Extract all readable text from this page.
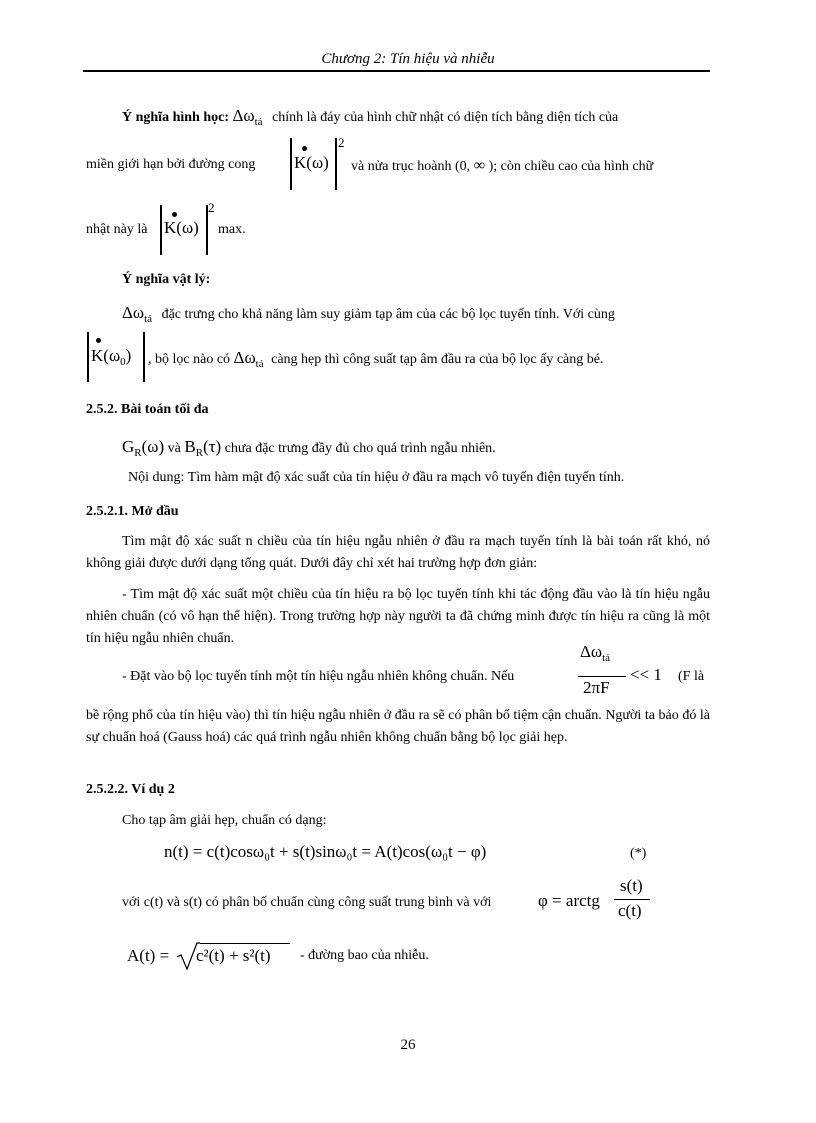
Chương 2: Tín hiệu và nhiễu
Ý nghĩa hình học: $\Delta\omega_{tả}$ chính là đáy của hình chữ nhật có diện tích bằng diện tích của
miền giới hạn bởi đường cong K(ω)
2
và nửa trục hoành (0, ∞ ); còn chiều cao của hình chữ
nhật này là K(ω)
2
max.
Ý nghĩa vật lý:
$\Delta\omega_{tả}$ đặc trưng cho khả năng làm suy giảm tạp âm của các bộ lọc tuyến tính. Với cùng
$K(\omega_0)$ , bộ lọc nào có $\Delta\omega_{tả}$ càng hẹp thì công suất tạp âm đầu ra của bộ lọc ấy càng bé.
2.5.2. Bài toán tối đa
$G_R(\omega)$ và $B_R(\tau)$ chưa đặc trưng đầy đủ cho quá trình ngẫu nhiên.
Nội dung: Tìm hàm mật độ xác suất của tín hiệu ở đầu ra mạch vô tuyến điện tuyến tính.
2.5.2.1. Mở đầu
Tìm mật độ xác suất n chiều của tín hiệu ngẫu nhiên ở đầu ra mạch tuyến tính là bài toán rất khó, nó không giải được dưới dạng tổng quát. Dưới đây chỉ xét hai trường hợp đơn giản:
- Tìm mật độ xác suất một chiều của tín hiệu ra bộ lọc tuyến tính khi tác động đầu vào là tín hiệu ngẫu nhiên chuẩn (có vô hạn thể hiện). Trong trường hợp này người ta đã chứng minh được tín hiệu ra cũng là một tín hiệu ngẫu nhiên chuẩn.
- Đặt vào bộ lọc tuyến tính một tín hiệu ngẫu nhiên không chuẩn. Nếu
$\Delta\omega_{tả}$
2πF
<< 1 (F là
bề rộng phổ của tín hiệu vào) thì tín hiệu ngẫu nhiên ở đầu ra sẽ có phân bố tiệm cận chuẩn. Người ta bảo đó là sự chuẩn hoá (Gauss hoá) các quá trình ngẫu nhiên không chuẩn bằng bộ lọc giải hẹp.
2.5.2.2. Ví dụ 2
Cho tạp âm giải hẹp, chuẩn có dạng:
n(t) = c(t)cosω₀t + s(t)sinω₀t = A(t)cos(ω₀t − φ)	(*)
với c(t) và s(t) có phân bố chuẩn cùng công suất trung bình và với	φ = arctg
s(t)
c(t)
A(t) = c²(t) + s²(t) - đường bao của nhiễu.
26
